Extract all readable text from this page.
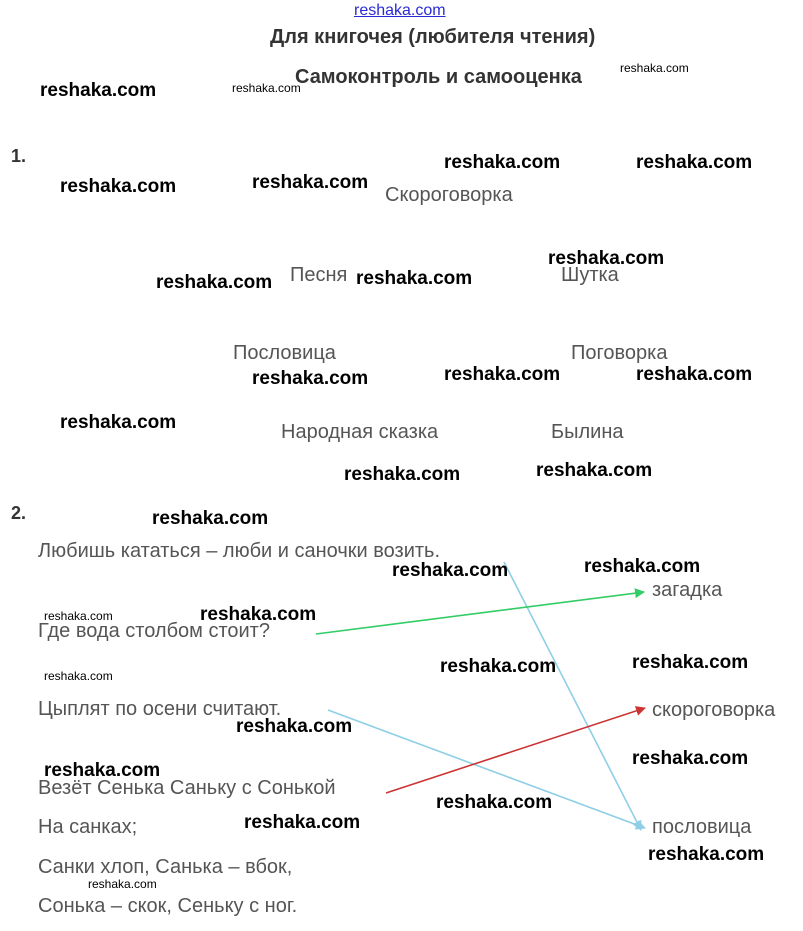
reshaka.com
Для книгочея (любителя чтения)
Самоконтроль и самооценка
1.
Скороговорка
Песня	Шутка
Пословица	Поговорка
Народная сказка	Былина
2.
Любишь кататься – люби и саночки возить.
Где вода столбом стоит?
Цыплят по осени считают.
Везёт Сенька Саньку с Сонькой
На санках;
Санки хлоп, Санька – вбок,
Сонька – скок, Сеньку с ног.
загадка
скороговорка
пословица
reshaka.com	reshaka.com
reshaka.com
reshaka.com	reshaka.com
reshaka.com	reshaka.com
reshaka.com	reshaka.com
reshaka.com
reshaka.com	reshaka.com	reshaka.com
reshaka.com
reshaka.com	reshaka.com
reshaka.com
reshaka.com	reshaka.com
reshaka.com	reshaka.com
reshaka.com	reshaka.com
reshaka.com
reshaka.com
reshaka.com
reshaka.com
reshaka.com
reshaka.com
reshaka.com
reshaka.com
